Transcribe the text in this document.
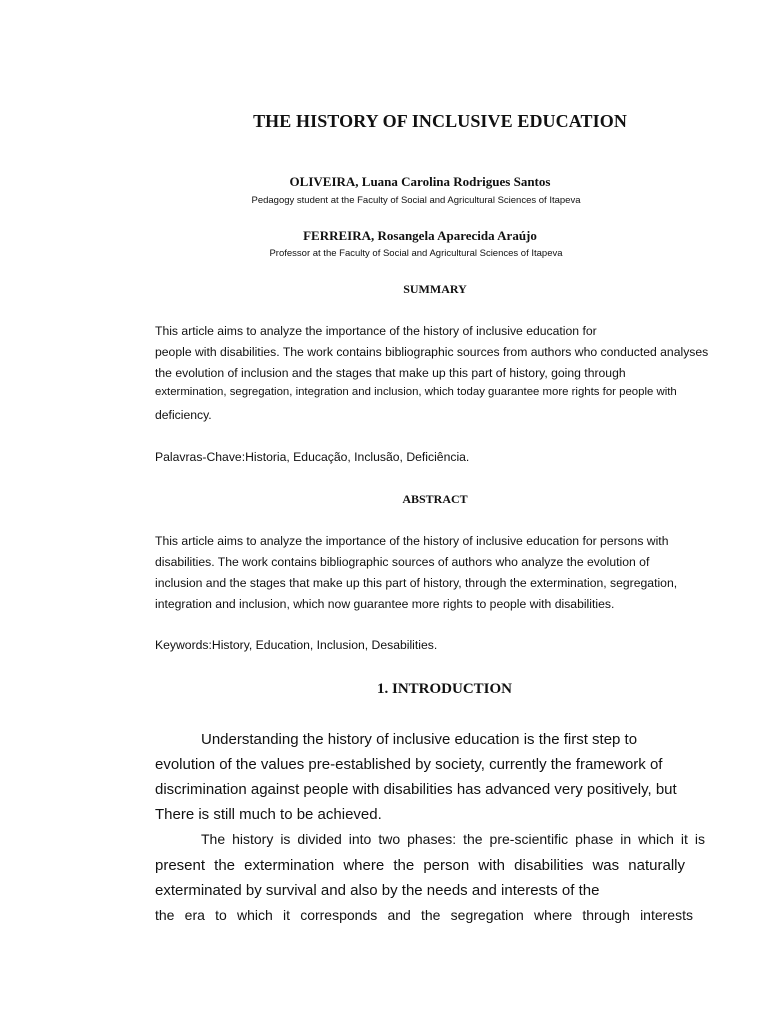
THE HISTORY OF INCLUSIVE EDUCATION
OLIVEIRA, Luana Carolina Rodrigues Santos
Pedagogy student at the Faculty of Social and Agricultural Sciences of Itapeva
FERREIRA, Rosangela Aparecida Araújo
Professor at the Faculty of Social and Agricultural Sciences of Itapeva
SUMMARY
This article aims to analyze the importance of the history of inclusive education for
people with disabilities. The work contains bibliographic sources from authors who conducted analyses
the evolution of inclusion and the stages that make up this part of history, going through
extermination, segregation, integration and inclusion, which today guarantee more rights for people with
deficiency.
Palavras-Chave:Historia, Educação, Inclusão, Deficiência.
ABSTRACT
This article aims to analyze the importance of the history of inclusive education for persons with
disabilities. The work contains bibliographic sources of authors who analyze the evolution of
inclusion and the stages that make up this part of history, through the extermination, segregation,
integration and inclusion, which now guarantee more rights to people with disabilities.
Keywords:History, Education, Inclusion, Desabilities.
1. INTRODUCTION
Understanding the history of inclusive education is the first step to
evolution of the values pre-established by society, currently the framework of
discrimination against people with disabilities has advanced very positively, but
There is still much to be achieved.
The history is divided into two phases: the pre-scientific phase in which it is
present the extermination where the person with disabilities was naturally
exterminated by survival and also by the needs and interests of the
the era to which it corresponds and the segregation where through interests
